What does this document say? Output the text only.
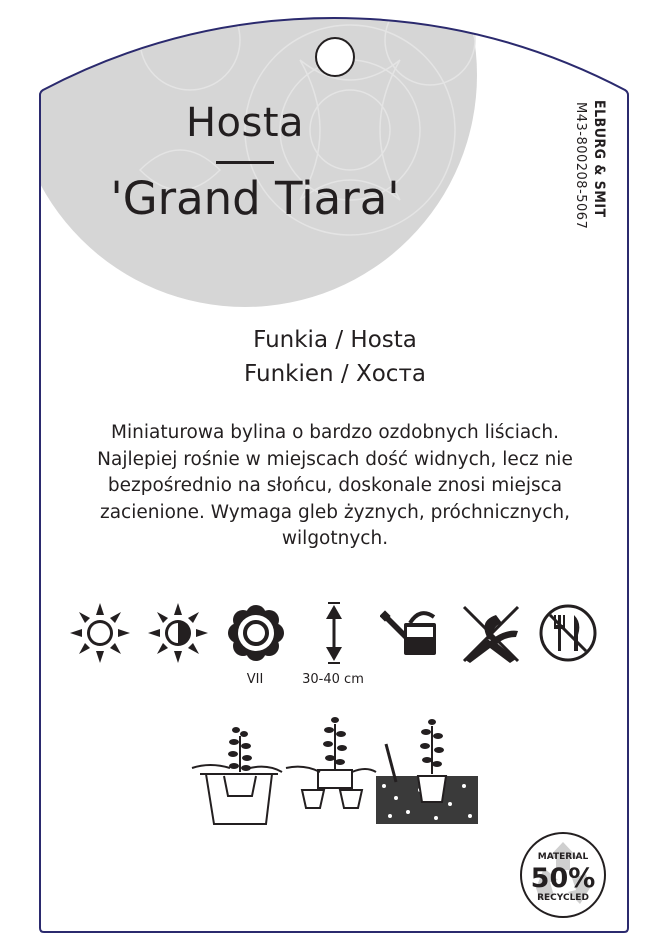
Hosta
'Grand Tiara'	ELBURG & SMIT
M43-800208-5067
Funkia / Hosta
Funkien / Хоста
Miniaturowa bylina o bardzo ozdobnych liściach.
Najlepiej rośnie w miejscach dość widnych, lecz nie
bezpośrednio na słońcu, doskonale znosi miejsca
zacienione. Wymaga gleb żyznych, próchnicznych,
wilgotnych.
VII	30-40 cm
MATERIAL
50%
RECYCLED
